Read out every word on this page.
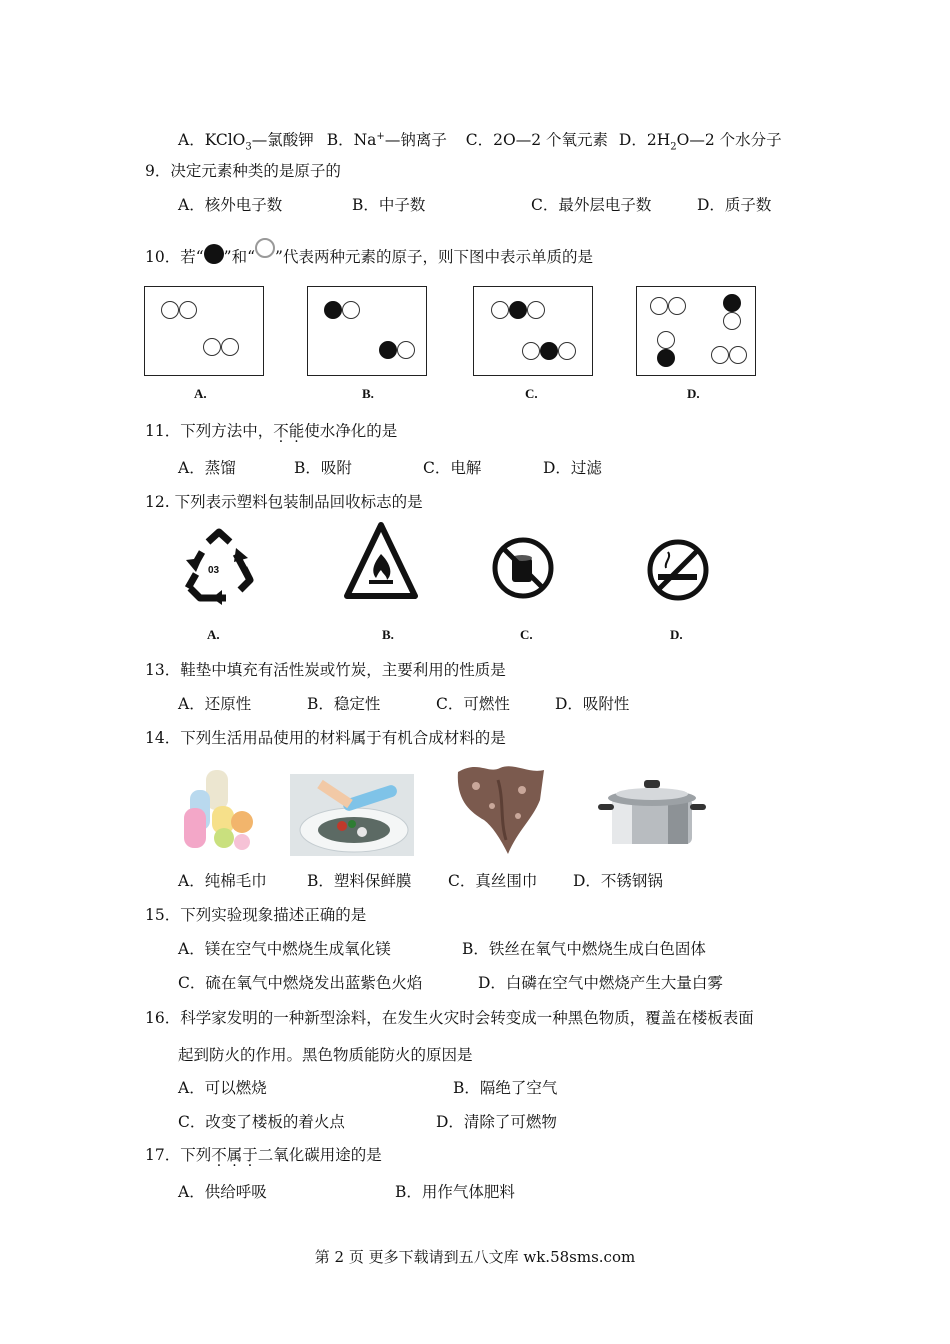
A．KClO$_3$—氯酸钾 B．Na+—钠离子 C．2O—2 个氧元素 D．$2H_2O—2$ 个水分子
9．决定元素种类的是原子的
A．核外电子数	B．中子数	C．最外层电子数	D．质子数
10．若“ ”和“ ”代表两种元素的原子，则下图中表示单质的是
A.	B.	C.	D.
11．下列方法中，不能使水净化的是
A．蒸馏	B．吸附	C．电解	D．过滤
12. 下列表示塑料包装制品回收标志的是
03
A.	B.	C.	D.
13．鞋垫中填充有活性炭或竹炭，主要利用的性质是
A．还原性	B．稳定性	C．可燃性	D．吸附性
14．下列生活用品使用的材料属于有机合成材料的是
A．纯棉毛巾	B．塑料保鲜膜 C．真丝围巾 D．不锈钢锅
15．下列实验现象描述正确的是
A．镁在空气中燃烧生成氧化镁	B．铁丝在氧气中燃烧生成白色固体
C．硫在氧气中燃烧发出蓝紫色火焰	D．白磷在空气中燃烧产生大量白雾
16．科学家发明的一种新型涂料，在发生火灾时会转变成一种黑色物质，覆盖在楼板表面
起到防火的作用。黑色物质能防火的原因是
A．可以燃烧	B．隔绝了空气
C．改变了楼板的着火点	D．清除了可燃物
17．下列不属于二氧化碳用途的是
A．供给呼吸	B．用作气体肥料
第 2 页 更多下载请到五八文库 wk.58sms.com
